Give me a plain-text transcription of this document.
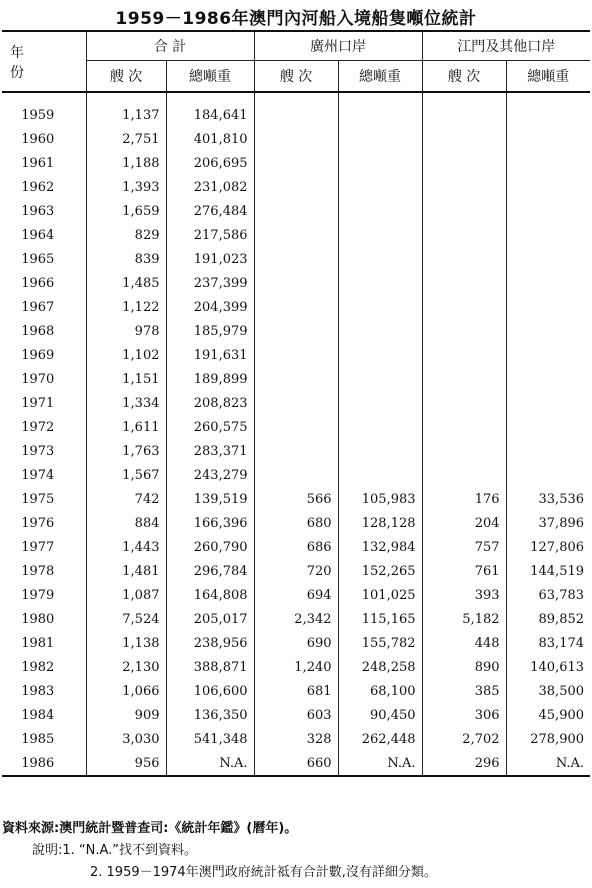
1959－1986年澳門內河船入境船隻噸位統計
年 份	合 計		廣州口岸		江門及其他口岸	
	艘 次	總噸重	艘 次	總噸重	艘 次	總噸重

1959	1,137	184,641				
1960	2,751	401,810				
1961	1,188	206,695				
1962	1,393	231,082				
1963	1,659	276,484				
1964	829	217,586				
1965	839	191,023				
1966	1,485	237,399				
1967	1,122	204,399				
1968	978	185,979				
1969	1,102	191,631				
1970	1,151	189,899				
1971	1,334	208,823				
1972	1,611	260,575				
1973	1,763	283,371				
1974	1,567	243,279				
1975	742	139,519	566	105,983	176	33,536
1976	884	166,396	680	128,128	204	37,896
1977	1,443	260,790	686	132,984	757	127,806
1978	1,481	296,784	720	152,265	761	144,519
1979	1,087	164,808	694	101,025	393	63,783
1980	7,524	205,017	2,342	115,165	5,182	89,852
1981	1,138	238,956	690	155,782	448	83,174
1982	2,130	388,871	1,240	248,258	890	140,613
1983	1,066	106,600	681	68,100	385	38,500
1984	909	136,350	603	90,450	306	45,900
1985	3,030	541,348	328	262,448	2,702	278,900
1986	956	N.A.	660	N.A.	296	N.A.
資料來源:澳門統計暨普查司:《統計年鑑》(曆年)。
說明:1. “N.A.”找不到資料。
2. 1959－1974年澳門政府統計祗有合計數,沒有詳細分類。
